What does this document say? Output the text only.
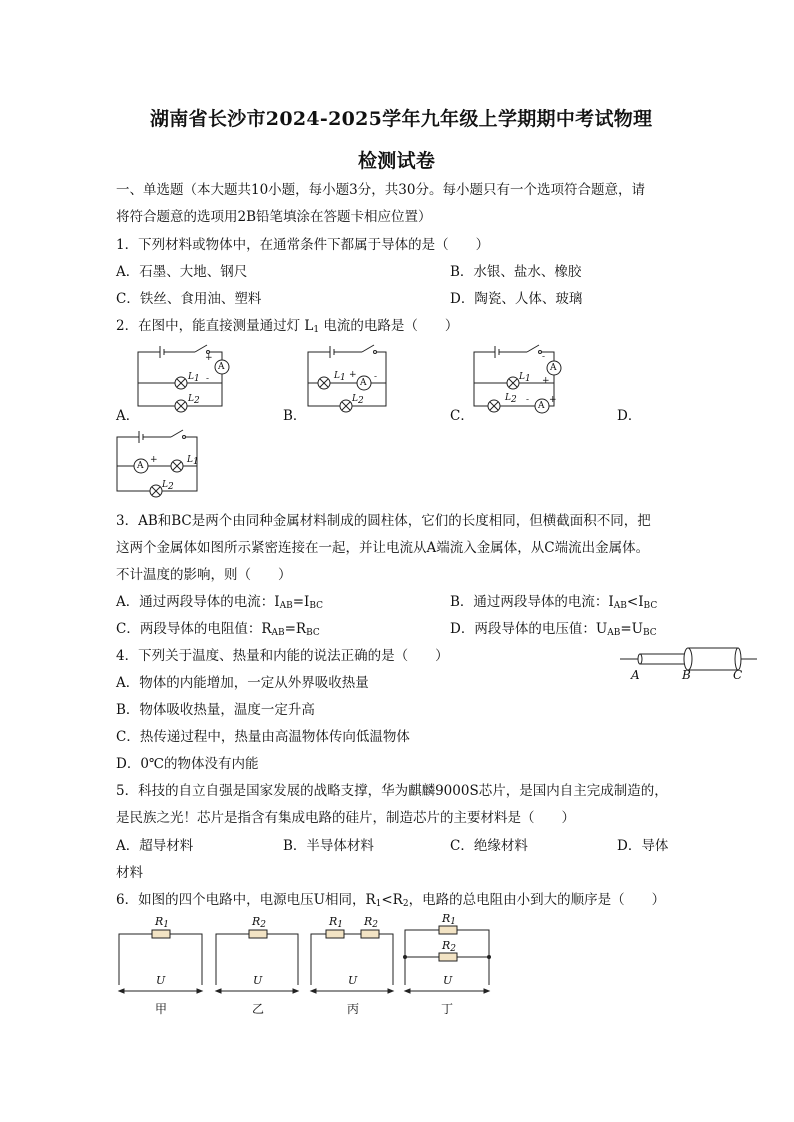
湖南省长沙市2024-2025学年九年级上学期期中考试物理
检测试卷
一、单选题（本大题共10小题，每小题3分，共30分。每小题只有一个选项符合题意，请
将符合题意的选项用2B铅笔填涂在答题卡相应位置）
1．下列材料或物体中，在通常条件下都属于导体的是（　　）
A．石墨、大地、钢尺	B．水银、盐水、橡胶
C．铁丝、食用油、塑料	D．陶瓷、人体、玻璃
2．在图中，能直接测量通过灯 $L_1$ 电流的电路是（　　）
+
A
-
L1
L2
L1 +
A
-
L2
-
A
+
L1
L2 -
A
+
A
+	L1
L2
A．	B．	C．	D．
3．AB和BC是两个由同种金属材料制成的圆柱体，它们的长度相同，但横截面积不同，把
这两个金属体如图所示紧密连接在一起，并让电流从A端流入金属体，从C端流出金属体。
不计温度的影响，则（　　）
A．通过两段导体的电流：$I_{AB}=I_{BC}$	B．通过两段导体的电流：$I_{AB}<I_{BC}$
C．两段导体的电阻值：$R_{AB}=R_{BC}$	D．两段导体的电压值：$U_{AB}=U_{BC}$
A	B	C
4．下列关于温度、热量和内能的说法正确的是（　　）
A．物体的内能增加，一定从外界吸收热量
B．物体吸收热量，温度一定升高
C．热传递过程中，热量由高温物体传向低温物体
D．0℃的物体没有内能
5．科技的自立自强是国家发展的战略支撑，华为麒麟9000S芯片，是国内自主完成制造的，
是民族之光！芯片是指含有集成电路的硅片，制造芯片的主要材料是（　　）
A．超导材料	B．半导体材料	C．绝缘材料	D．导体
材料
6．如图的四个电路中，电源电压U相同，$R_1<R_2$，电路的总电阻由小到大的顺序是（　　）
$R_1$	$R_2$	$R_1$ $R_2$	$R_1$
$R_2$
U	U	U	U
甲	乙	丙	丁
